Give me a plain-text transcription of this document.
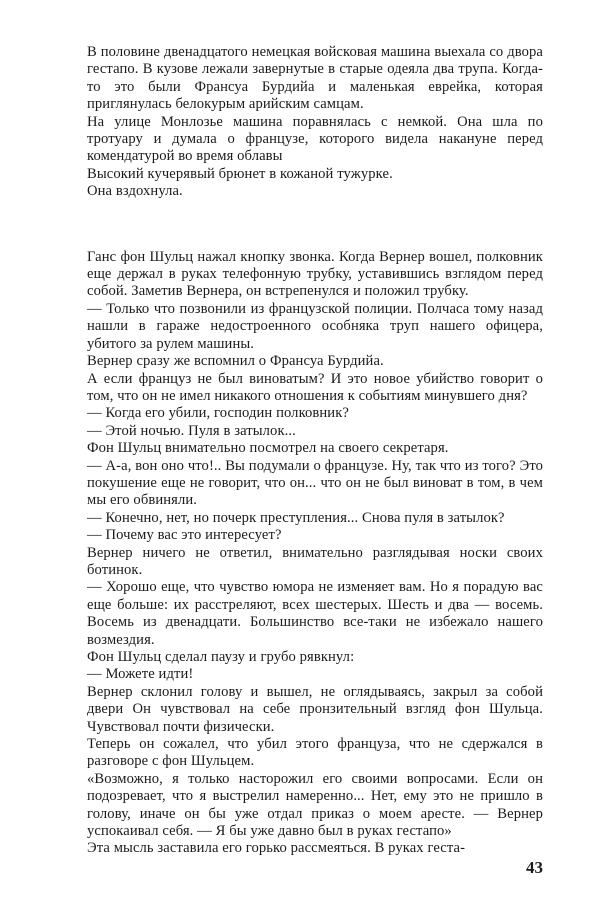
В половине двенадцатого немецкая войсковая машина выехала со двора гестапо. В кузове лежали завернутые в старые одеяла два трупа. Когда-то это были Франсуа Бурдийа и маленькая еврейка, которая приглянулась белокурым арийским самцам.

На улице Монлозье машина поравнялась с немкой. Она шла по тротуару и думала о французе, которого видела накануне перед комендатурой во время облавы

Высокий кучерявый брюнет в кожаной тужурке.

Она вздохнула.

Ганс фон Шульц нажал кнопку звонка. Когда Вернер вошел, полковник еще держал в руках телефонную трубку, уставившись взглядом перед собой. Заметив Вернера, он встрепенулся и положил трубку.

— Только что позвонили из французской полиции. Полчаса тому назад нашли в гараже недостроенного особняка труп нашего офицера, убитого за рулем машины.

Вернер сразу же вспомнил о Франсуа Бурдийа.

А если француз не был виноватым? И это новое убийство говорит о том, что он не имел никакого отношения к событиям минувшего дня?

— Когда его убили, господин полковник?

— Этой ночью. Пуля в затылок...

Фон Шульц внимательно посмотрел на своего секретаря.

— А-а, вон оно что!.. Вы подумали о французе. Ну, так что из того? Это покушение еще не говорит, что он... что он не был виноват в том, в чем мы его обвиняли.

— Конечно, нет, но почерк преступления... Снова пуля в затылок?

— Почему вас это интересует?

Вернер ничего не ответил, внимательно разглядывая носки своих ботинок.

— Хорошо еще, что чувство юмора не изменяет вам. Но я порадую вас еще больше: их расстреляют, всех шестерых. Шесть и два — восемь. Восемь из двенадцати. Большинство все-таки не избежало нашего возмездия.

Фон Шульц сделал паузу и грубо рявкнул:

— Можете идти!

Вернер склонил голову и вышел, не оглядываясь, закрыл за собой двери Он чувствовал на себе пронзительный взгляд фон Шульца. Чувствовал почти физически.

Теперь он сожалел, что убил этого француза, что не сдержался в разговоре с фон Шульцем.

«Возможно, я только насторожил его своими вопросами. Если он подозревает, что я выстрелил намеренно... Нет, ему это не пришло в голову, иначе он бы уже отдал приказ о моем аресте. — Вернер успокаивал себя. — Я бы уже давно был в руках гестапо»

Эта мысль заставила его горько рассмеяться. В руках геста-

43
